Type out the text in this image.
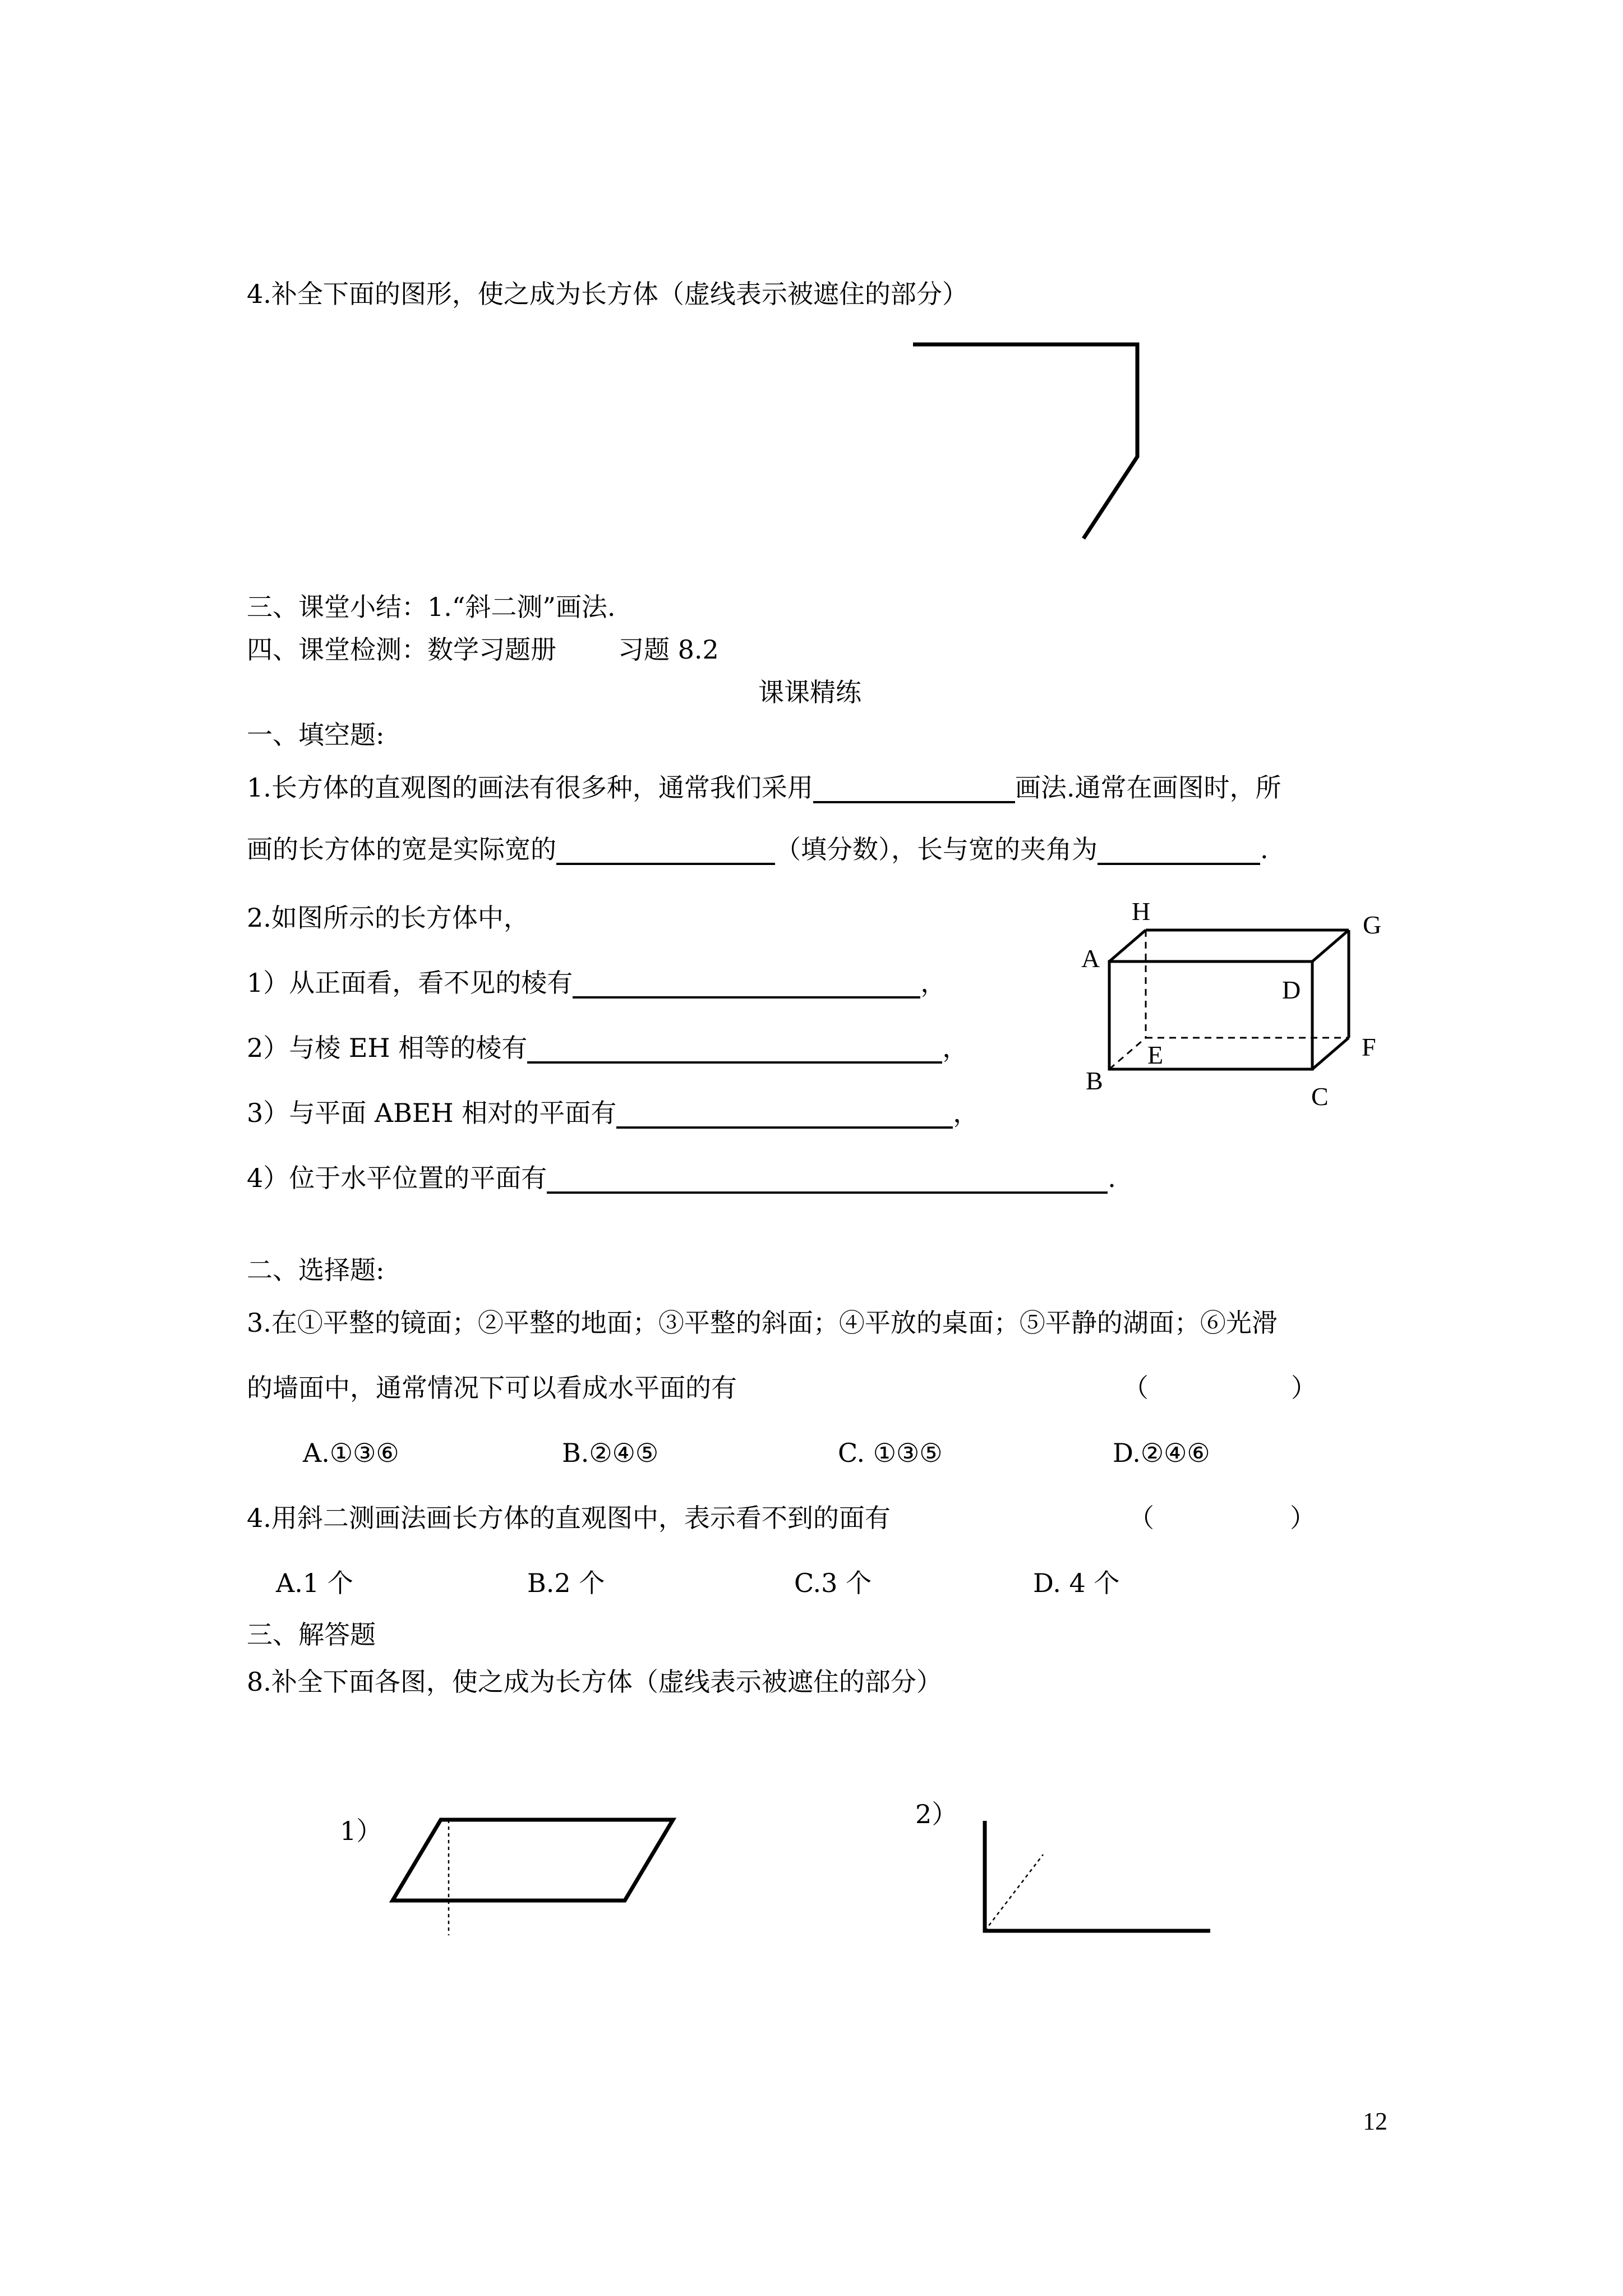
4.补全下面的图形，使之成为长方体（虚线表示被遮住的部分）
三、课堂小结：1.“斜二测”画法.
四、课堂检测：数学习题册 习题 8.2
课课精练
一、填空题:
1.长方体的直观图的画法有很多种，通常我们采用	画法.通常在画图时，所
画的长方体的宽是实际宽的	（填分数），长与宽的夹角为	.
2.如图所示的长方体中，
1）从正面看，看不见的棱有	，
2）与棱 EH 相等的棱有	，
3）与平面 ABEH 相对的平面有	，
4）位于水平位置的平面有	.
H	G
A
D
F
E
B
C
二、选择题:
3.在①平整的镜面；②平整的地面；③平整的斜面；④平放的桌面；⑤平静的湖面；⑥光滑
的墙面中，通常情况下可以看成水平面的有	（	）
A.①③⑥	B.②④⑤	C. ①③⑤	D.②④⑥
4.用斜二测画法画长方体的直观图中，表示看不到的面有	（	）
A.1 个	B.2 个	C.3 个	D. 4 个
三、解答题
8.补全下面各图，使之成为长方体（虚线表示被遮住的部分）
1）
2）
12
